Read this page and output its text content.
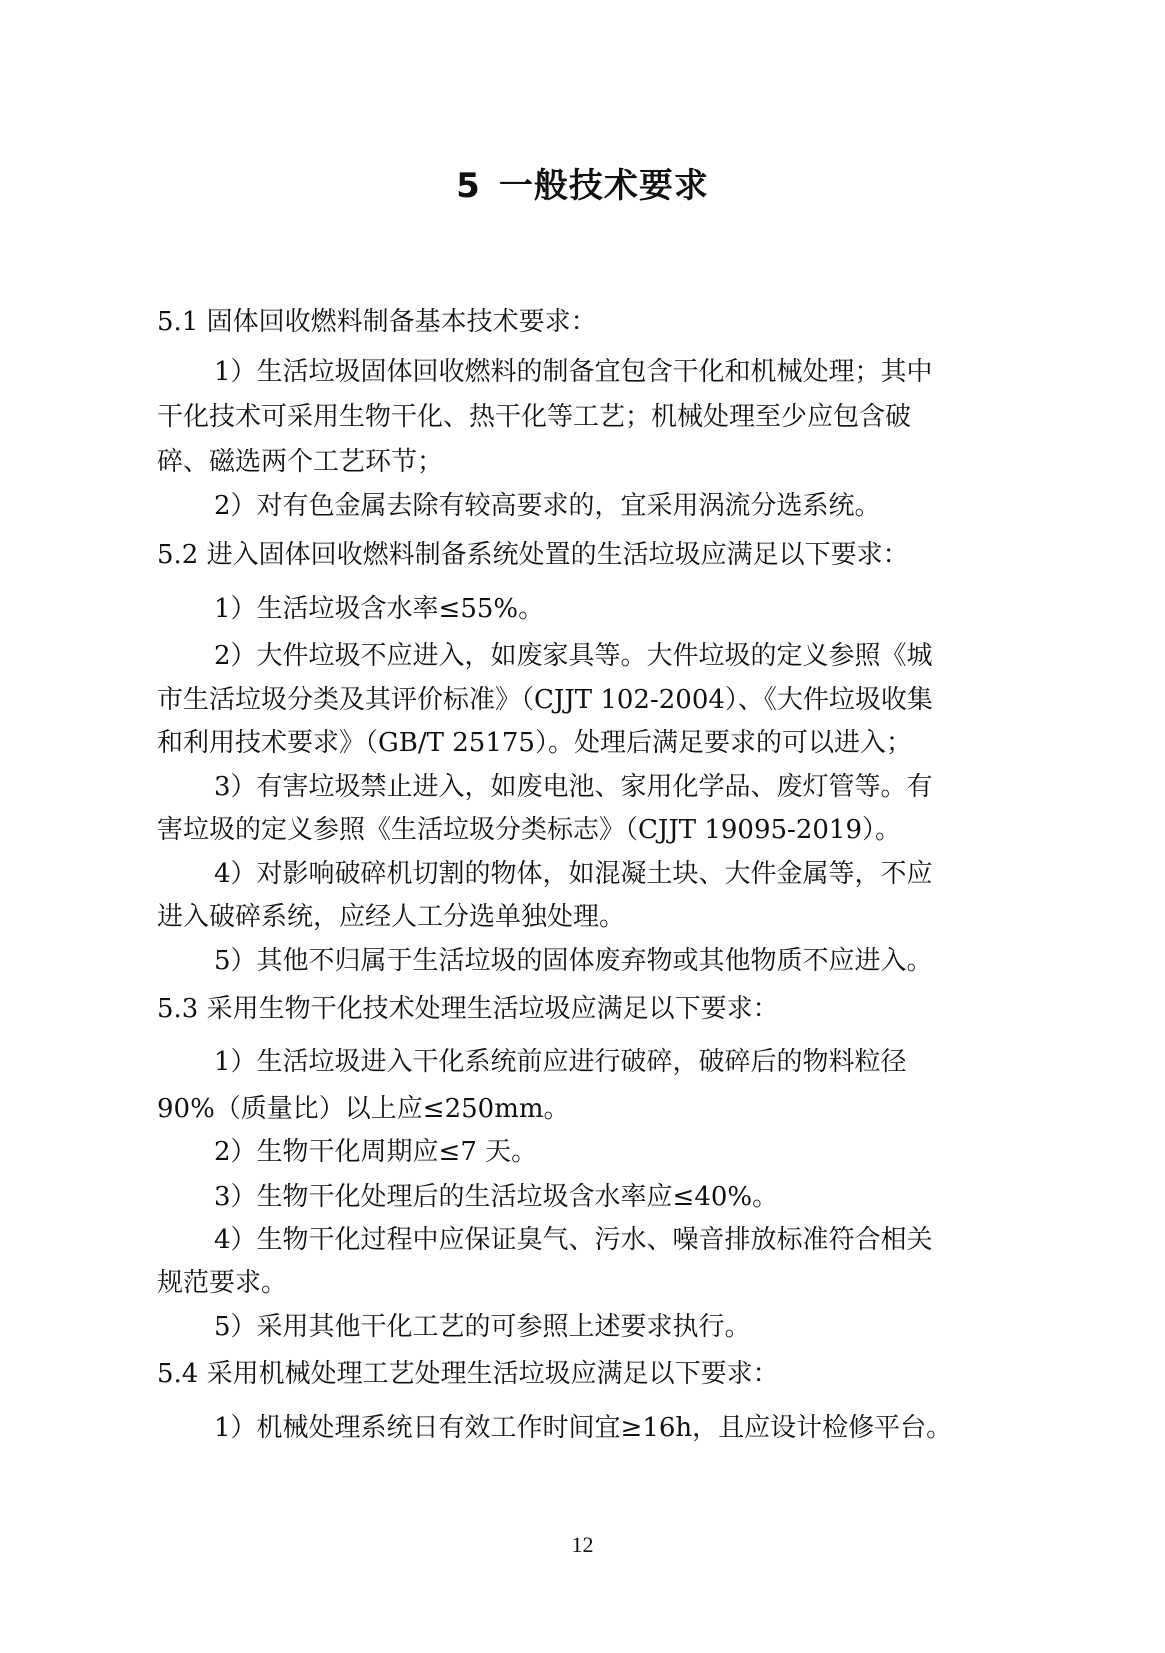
5 一般技术要求
5.1 固体回收燃料制备基本技术要求：
1）生活垃圾固体回收燃料的制备宜包含干化和机械处理；其中
干化技术可采用生物干化、热干化等工艺；机械处理至少应包含破
碎、磁选两个工艺环节；
2）对有色金属去除有较高要求的，宜采用涡流分选系统。
5.2 进入固体回收燃料制备系统处置的生活垃圾应满足以下要求：
1）生活垃圾含水率≤55%。
2）大件垃圾不应进入，如废家具等。大件垃圾的定义参照《城
市生活垃圾分类及其评价标准》（CJJT 102-2004）、《大件垃圾收集
和利用技术要求》（GB/T 25175）。处理后满足要求的可以进入；
3）有害垃圾禁止进入，如废电池、家用化学品、废灯管等。有
害垃圾的定义参照《生活垃圾分类标志》（CJJT 19095-2019）。
4）对影响破碎机切割的物体，如混凝土块、大件金属等，不应
进入破碎系统，应经人工分选单独处理。
5）其他不归属于生活垃圾的固体废弃物或其他物质不应进入。
5.3 采用生物干化技术处理生活垃圾应满足以下要求：
1）生活垃圾进入干化系统前应进行破碎，破碎后的物料粒径
90%（质量比）以上应≤250mm。
2）生物干化周期应≤7 天。
3）生物干化处理后的生活垃圾含水率应≤40%。
4）生物干化过程中应保证臭气、污水、噪音排放标准符合相关
规范要求。
5）采用其他干化工艺的可参照上述要求执行。
5.4 采用机械处理工艺处理生活垃圾应满足以下要求：
1）机械处理系统日有效工作时间宜≥16h，且应设计检修平台。
12
